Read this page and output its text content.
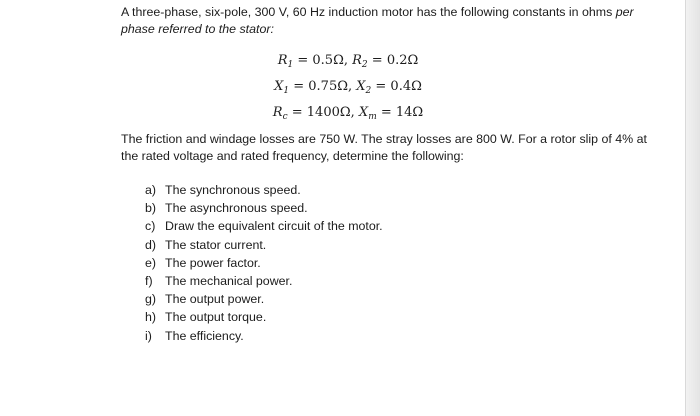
A three-phase, six-pole, 300 V, 60 Hz induction motor has the following constants in ohms per phase referred to the stator:

$R_1 = 0.5\Omega$, $R_2 = 0.2\Omega$
$X_1 = 0.75\Omega$, $X_2 = 0.4\Omega$
$R_c = 1400\Omega$, $X_m = 14\Omega$

The friction and windage losses are 750 W. The stray losses are 800 W. For a rotor slip of 4% at the rated voltage and rated frequency, determine the following:

a) The synchronous speed.
b) The asynchronous speed.
c) Draw the equivalent circuit of the motor.
d) The stator current.
e) The power factor.
f) The mechanical power.
g) The output power.
h) The output torque.
i) The efficiency.
